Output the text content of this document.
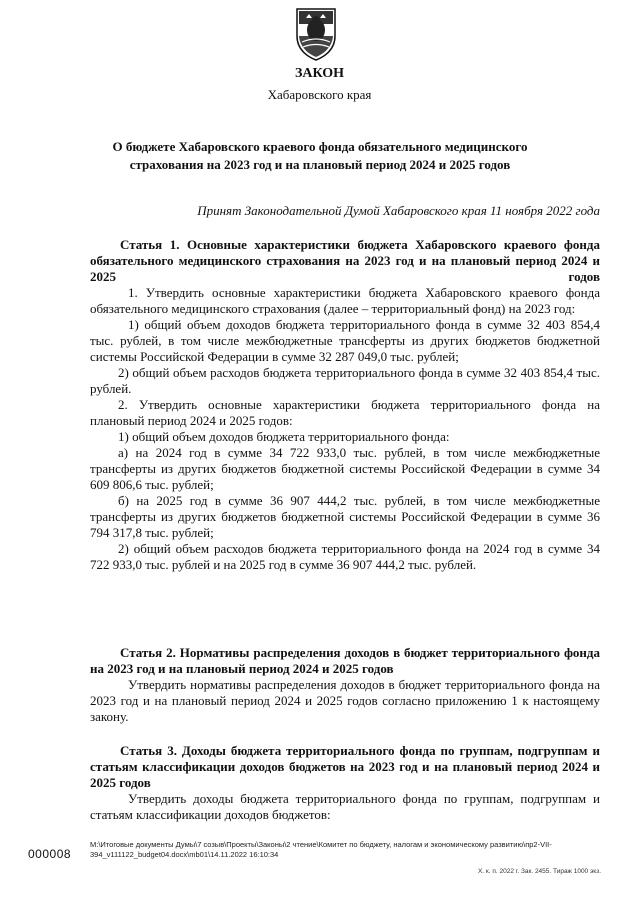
ЗАКОН
Хабаровского края
О бюджете Хабаровского краевого фонда обязательного медицинского
страхования на 2023 год и на плановый период 2024 и 2025 годов
Принят Законодательной Думой Хабаровского края 11 ноября 2022 года

Статья 1. Основные характеристики бюджета Хабаровского краевого фонда обязательного медицинского страхования на 2023 год и на плановый период 2024 и 2025 годов

1. Утвердить основные характеристики бюджета Хабаровского краевого фонда обязательного медицинского страхования (далее – территориальный фонд) на 2023 год:

1) общий объем доходов бюджета территориального фонда в сумме 32 403 854,4 тыс. рублей, в том числе межбюджетные трансферты из других бюджетов бюджетной системы Российской Федерации в сумме 32 287 049,0 тыс. рублей;

2) общий объем расходов бюджета территориального фонда в сумме 32 403 854,4 тыс. рублей.

2. Утвердить основные характеристики бюджета территориального фонда на плановый период 2024 и 2025 годов:

1) общий объем доходов бюджета территориального фонда:

а) на 2024 год в сумме 34 722 933,0 тыс. рублей, в том числе межбюджетные трансферты из других бюджетов бюджетной системы Российской Федерации в сумме 34 609 806,6 тыс. рублей;

б) на 2025 год в сумме 36 907 444,2 тыс. рублей, в том числе межбюджетные трансферты из других бюджетов бюджетной системы Российской Федерации в сумме 36 794 317,8 тыс. рублей;

2) общий объем расходов бюджета территориального фонда на 2024 год в сумме 34 722 933,0 тыс. рублей и на 2025 год в сумме 36 907 444,2 тыс. рублей.

Статья 2. Нормативы распределения доходов в бюджет территориального фонда на 2023 год и на плановый период 2024 и 2025 годов

Утвердить нормативы распределения доходов в бюджет территориального фонда на 2023 год и на плановый период 2024 и 2025 годов согласно приложению 1 к настоящему закону.

Статья 3. Доходы бюджета территориального фонда по группам, подгруппам и статьям классификации доходов бюджетов на 2023 год и на плановый период 2024 и 2025 годов

Утвердить доходы бюджета территориального фонда по группам, подгруппам и статьям классификации доходов бюджетов:

000008
M:\Итоговые документы Думы\7 созыв\Проекты\Законы\2 чтение\Комитет по бюджету, налогам и экономическому развитию\пр2-VII-394_v111122_budget04.docx\mb01\14.11.2022 16:10:34
Х. к. п. 2022 г. Зак. 2455. Тираж 1000 экз.
